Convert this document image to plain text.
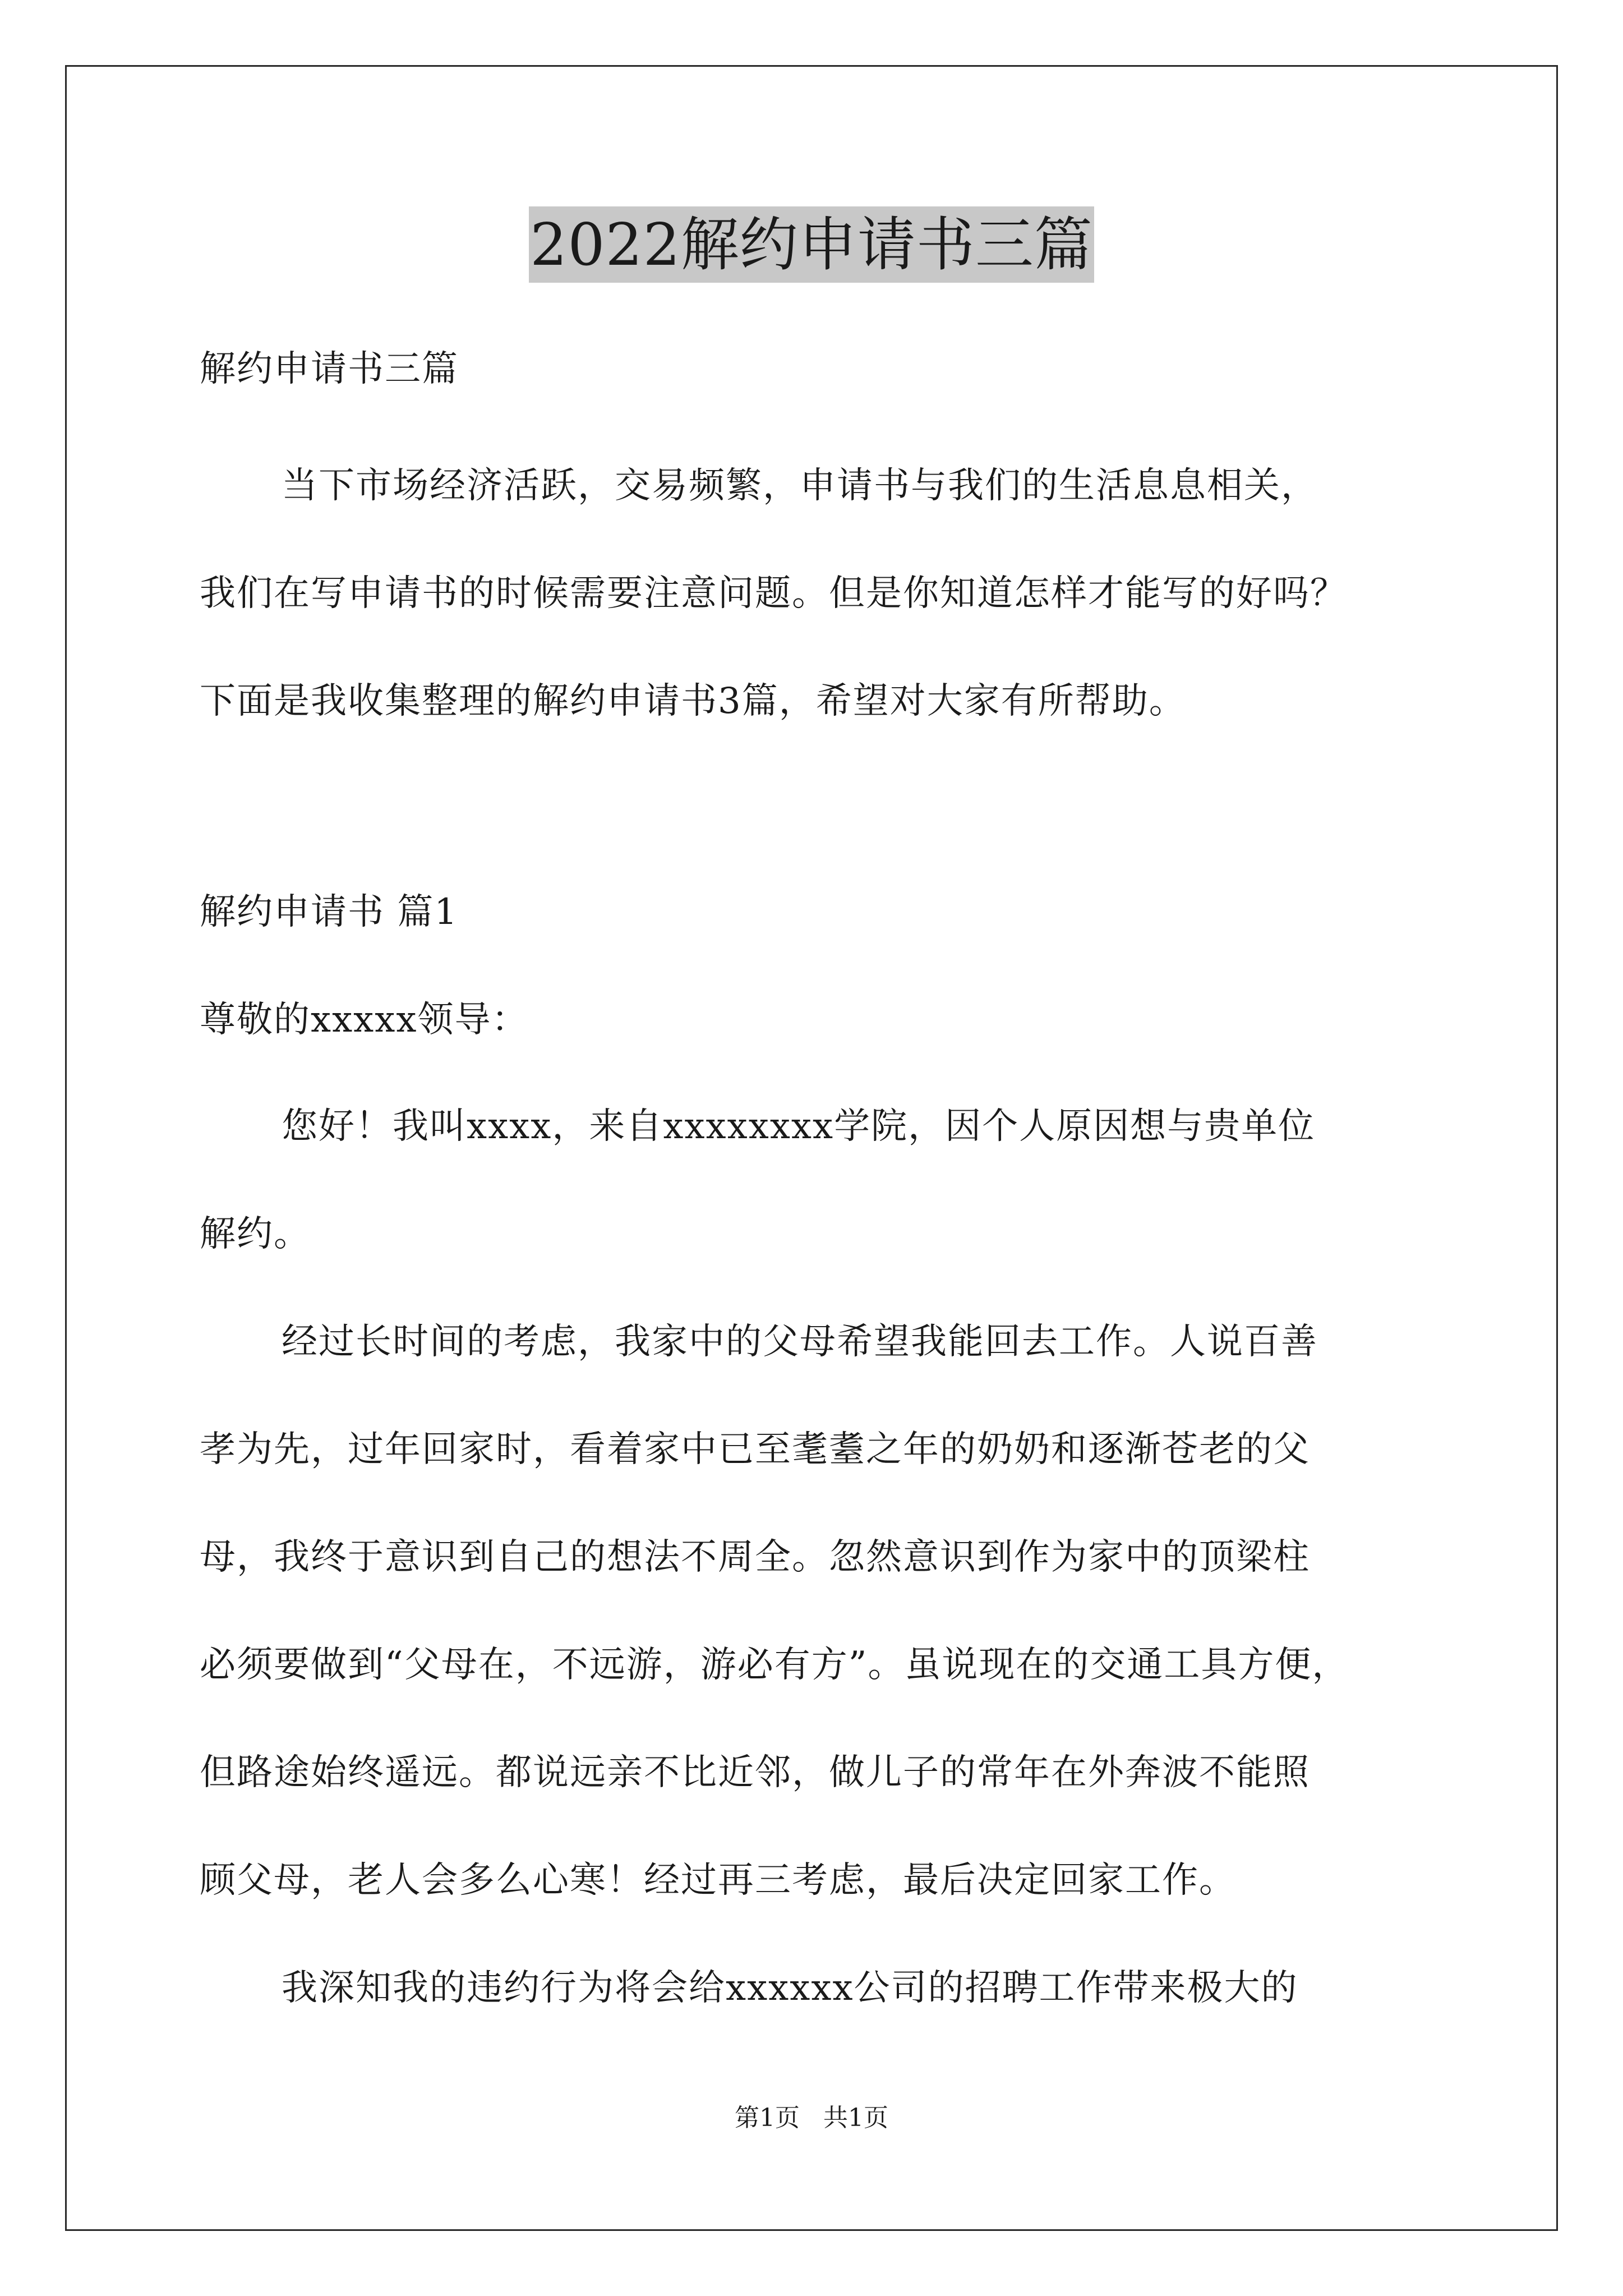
2022解约申请书三篇
解约申请书三篇
当下市场经济活跃，交易频繁，申请书与我们的生活息息相关，
我们在写申请书的时候需要注意问题。但是你知道怎样才能写的好吗？
下面是我收集整理的解约申请书3篇，希望对大家有所帮助。
解约申请书 篇1
尊敬的xxxxx领导：
您好！我叫xxxx，来自xxxxxxxx学院，因个人原因想与贵单位
解约。
经过长时间的考虑，我家中的父母希望我能回去工作。人说百善
孝为先，过年回家时，看着家中已至耄耋之年的奶奶和逐渐苍老的父
母，我终于意识到自己的想法不周全。忽然意识到作为家中的顶梁柱
必须要做到“父母在，不远游，游必有方”。虽说现在的交通工具方便，
但路途始终遥远。都说远亲不比近邻，做儿子的常年在外奔波不能照
顾父母，老人会多么心寒！经过再三考虑，最后决定回家工作。
我深知我的违约行为将会给xxxxxx公司的招聘工作带来极大的
第1页   共1页
